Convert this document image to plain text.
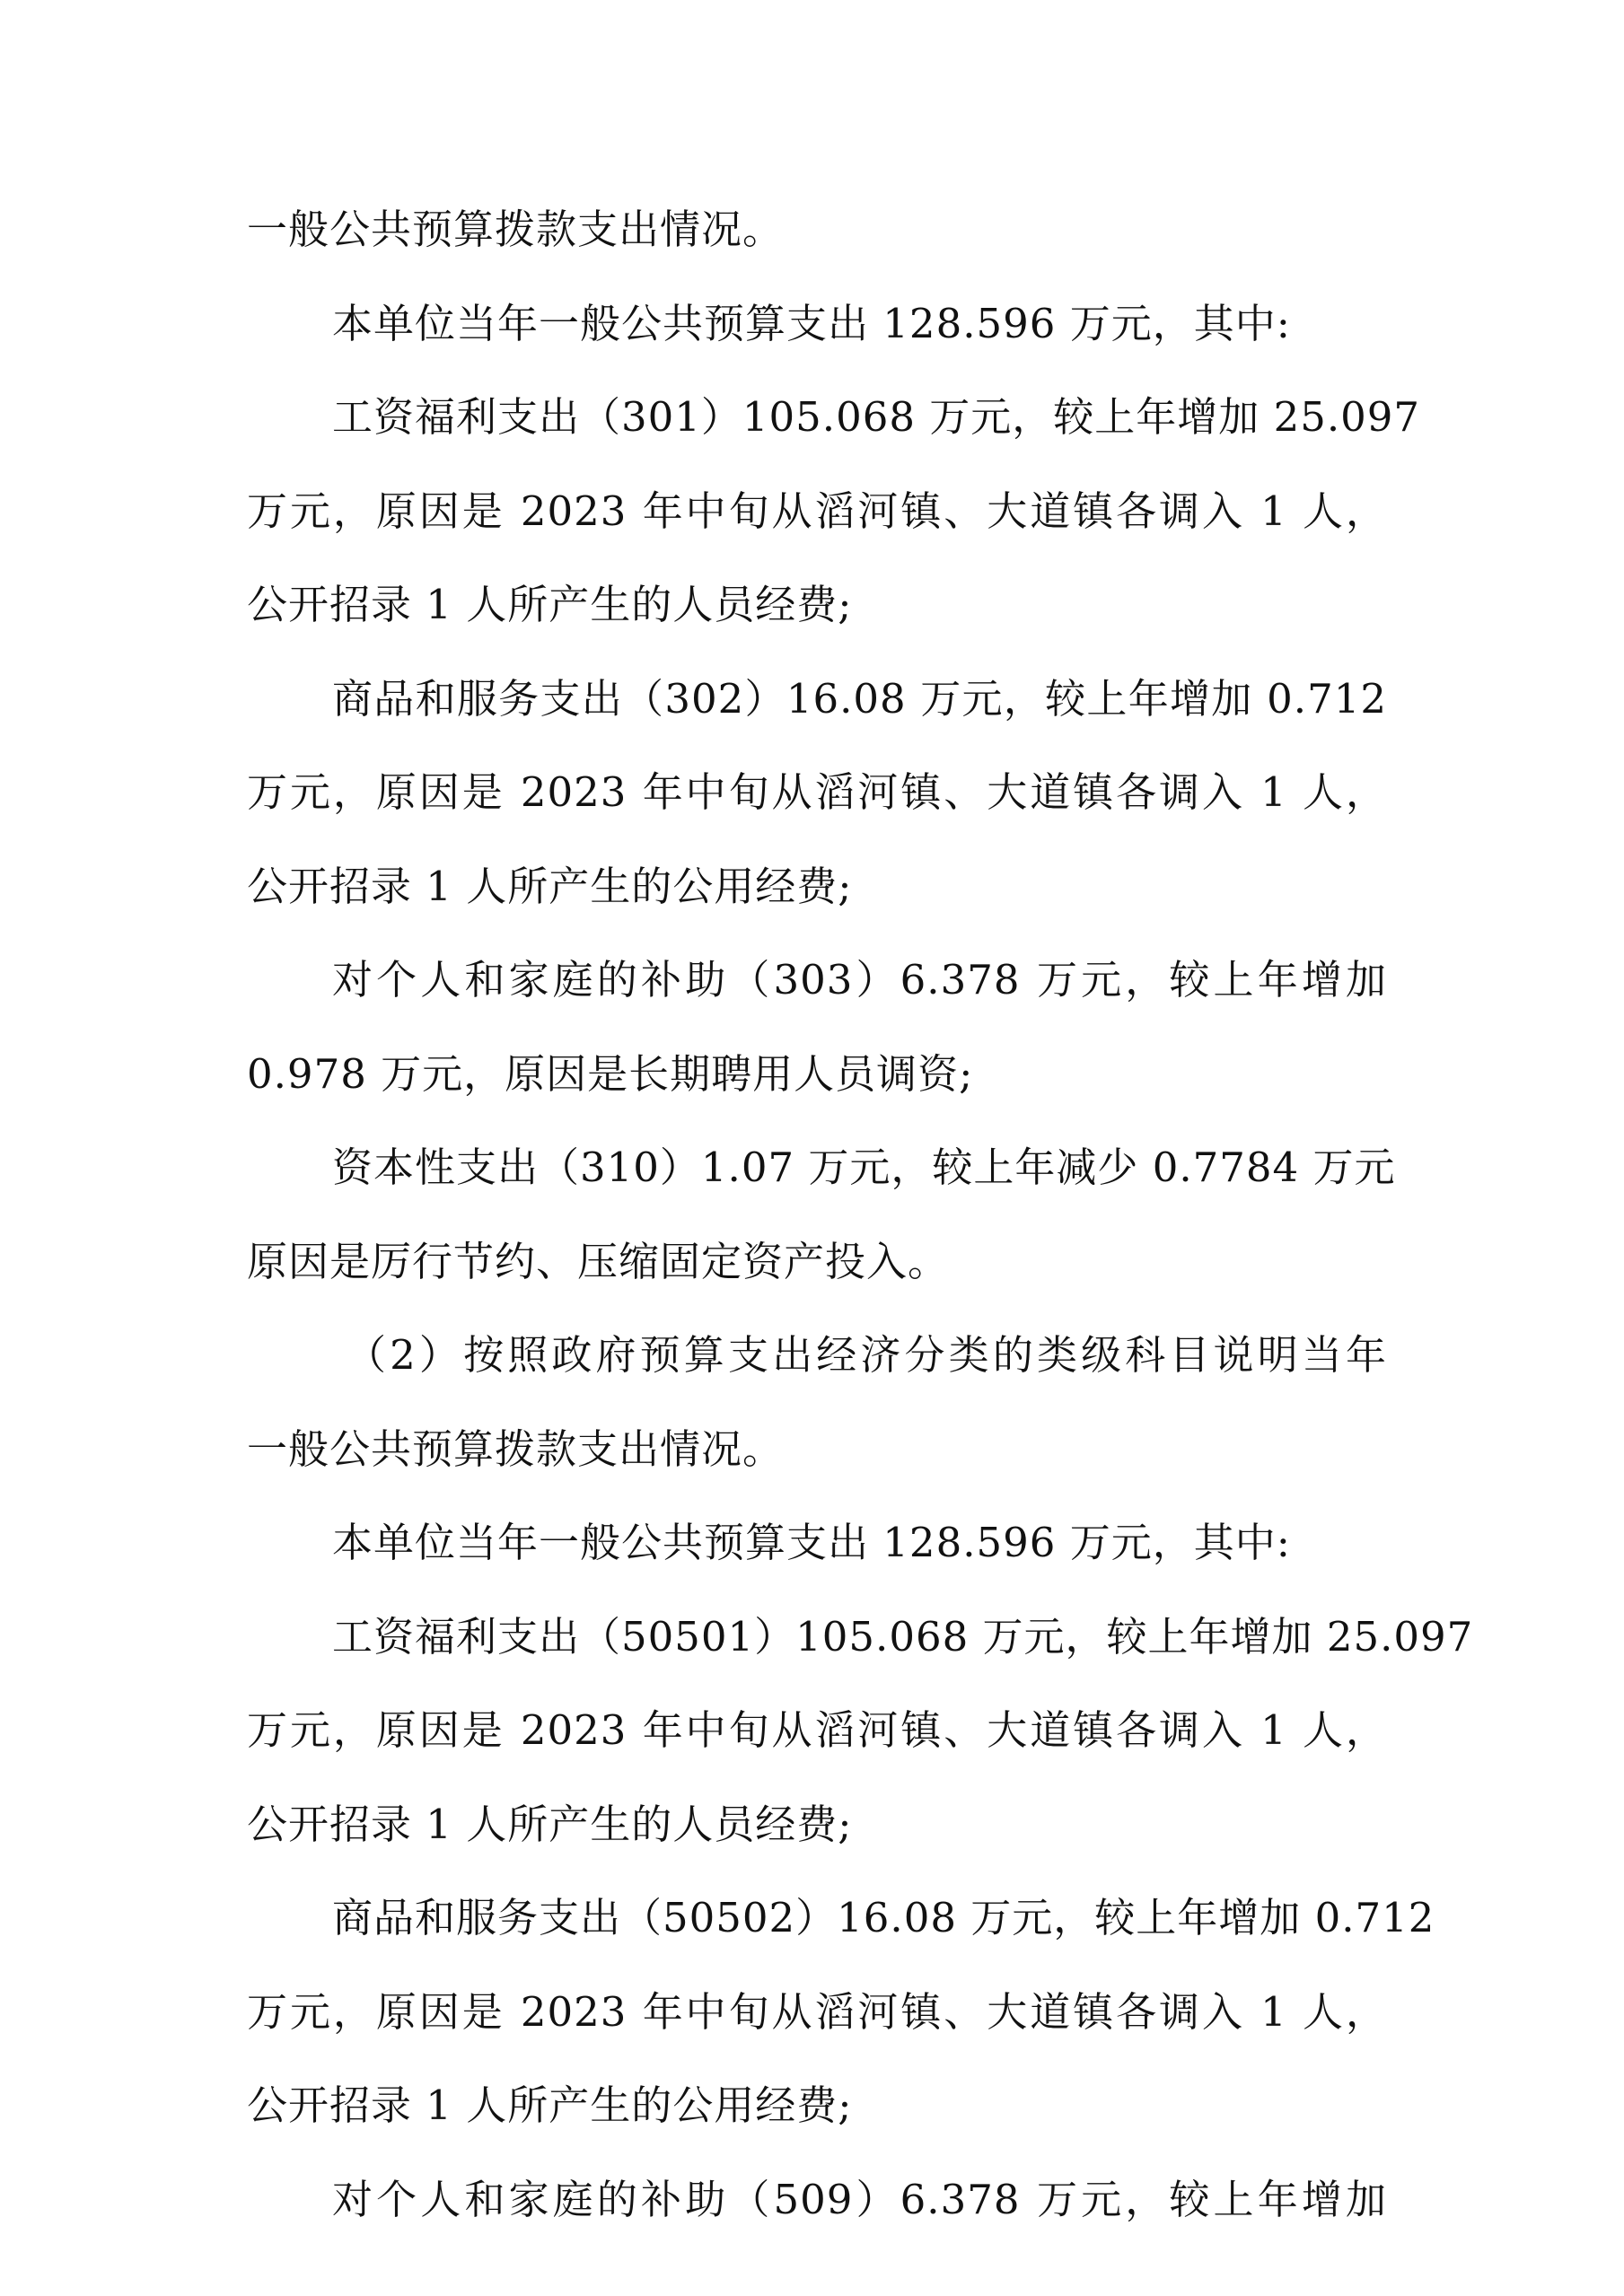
一般公共预算拨款支出情况。
本单位当年一般公共预算支出 128.596 万元，其中:
工资福利支出（301）105.068 万元，较上年增加 25.097
万元，原因是 2023 年中旬从滔河镇、大道镇各调入 1 人，
公开招录 1 人所产生的人员经费;
商品和服务支出（302）16.08 万元，较上年增加 0.712
万元，原因是 2023 年中旬从滔河镇、大道镇各调入 1 人，
公开招录 1 人所产生的公用经费;
对个人和家庭的补助（303）6.378 万元，较上年增加
0.978 万元，原因是长期聘用人员调资;
资本性支出（310）1.07 万元，较上年减少 0.7784 万元
原因是厉行节约、压缩固定资产投入。
（2）按照政府预算支出经济分类的类级科目说明当年
一般公共预算拨款支出情况。
本单位当年一般公共预算支出 128.596 万元，其中:
工资福利支出（50501）105.068 万元，较上年增加 25.097
万元，原因是 2023 年中旬从滔河镇、大道镇各调入 1 人，
公开招录 1 人所产生的人员经费;
商品和服务支出（50502）16.08 万元，较上年增加 0.712
万元，原因是 2023 年中旬从滔河镇、大道镇各调入 1 人，
公开招录 1 人所产生的公用经费;
对个人和家庭的补助（509）6.378 万元，较上年增加
